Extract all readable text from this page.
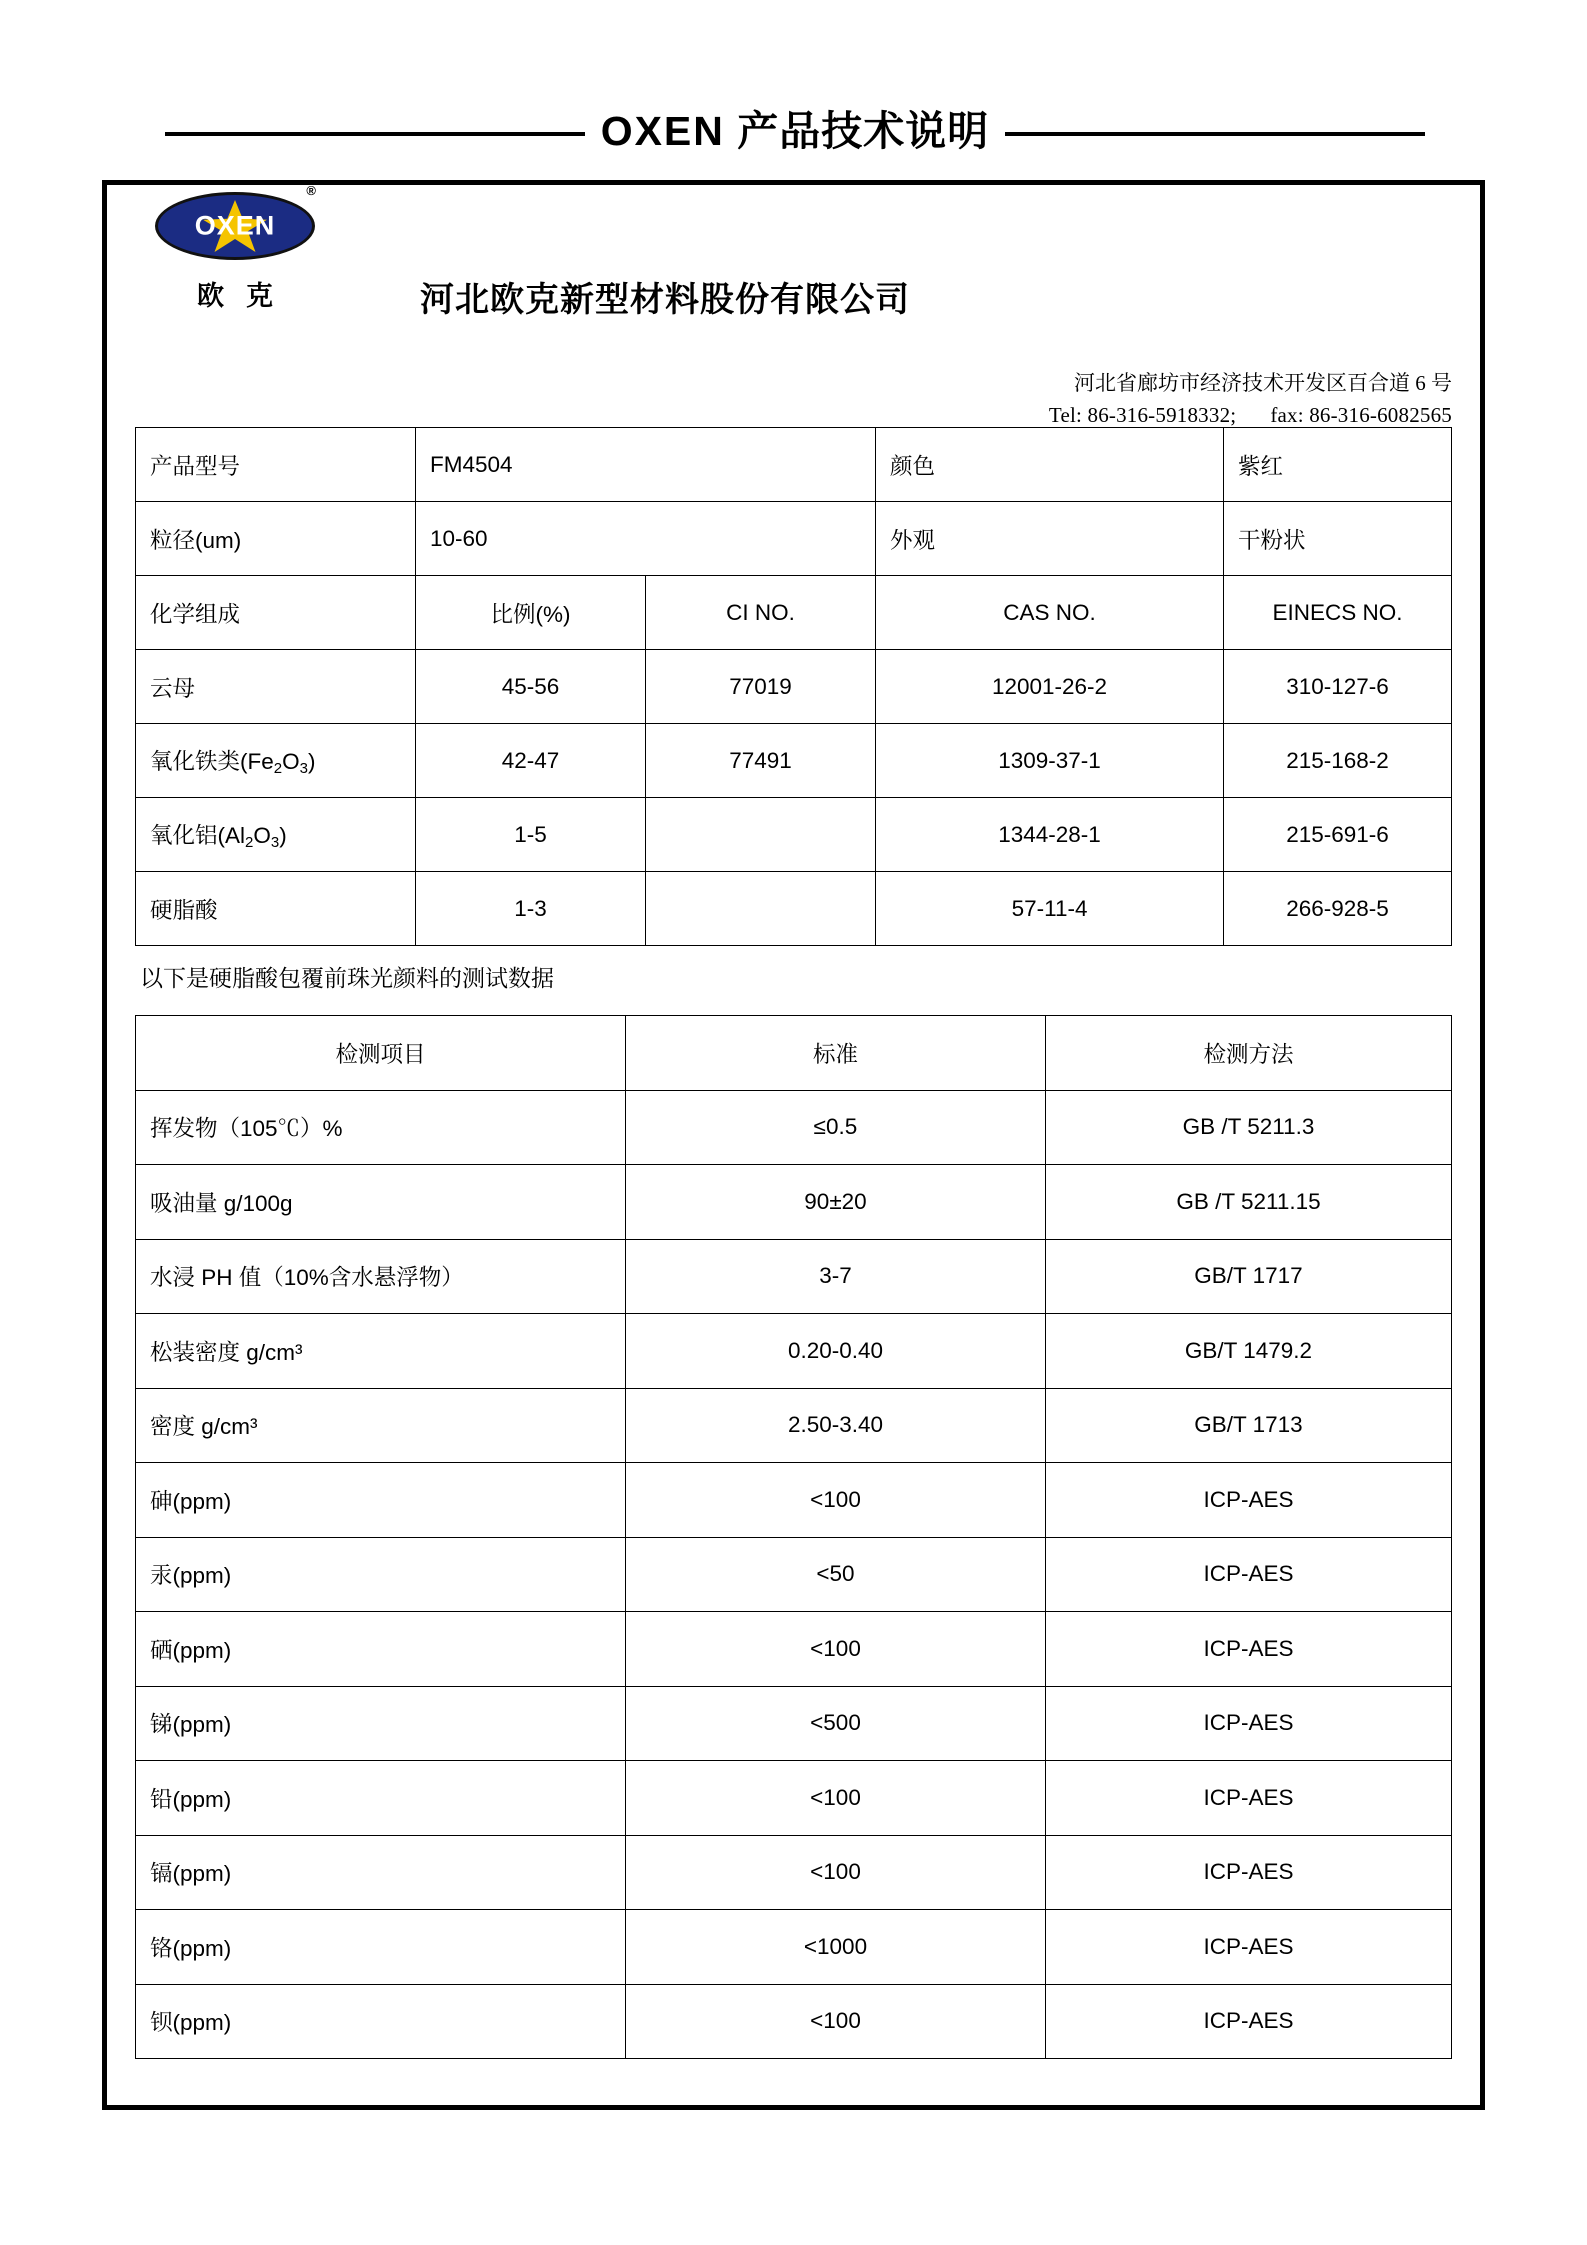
OXEN 产品技术说明
OXEN
®
欧克	河北欧克新型材料股份有限公司
河北省廊坊市经济技术开发区百合道 6 号
Tel: 86-316-5918332; fax: 86-316-6082565
产品型号	FM4504		颜色	紫红
粒径(um)	10-60		外观	干粉状
化学组成	比例(%)	CI NO.	CAS NO.	EINECS NO.
云母	45-56	77019	12001-26-2	310-127-6
氧化铁类$(Fe_2O_3)$	42-47	77491	1309-37-1	215-168-2
氧化铝$(Al_2O_3)$	1-5		1344-28-1	215-691-6
硬脂酸	1-3		57-11-4	266-928-5
以下是硬脂酸包覆前珠光颜料的测试数据
检测项目	标准	检测方法
挥发物（105℃）%	≤0.5	GB /T 5211.3
吸油量 g/100g	90±20	GB /T 5211.15
水浸 PH 值（10%含水悬浮物）	3-7	GB/T 1717
松装密度 g/cm³	0.20-0.40	GB/T 1479.2
密度 g/cm³	2.50-3.40	GB/T 1713
砷(ppm)	<100	ICP-AES
汞(ppm)	<50	ICP-AES
硒(ppm)	<100	ICP-AES
锑(ppm)	<500	ICP-AES
铅(ppm)	<100	ICP-AES
镉(ppm)	<100	ICP-AES
铬(ppm)	<1000	ICP-AES
钡(ppm)	<100	ICP-AES
